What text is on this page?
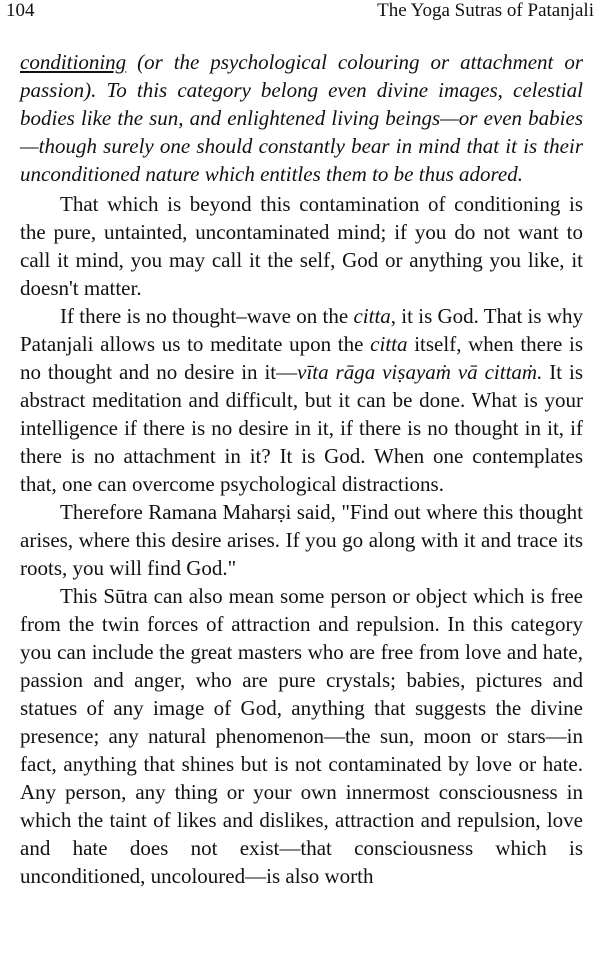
104	The Yoga Sutras of Patanjali

conditioning (or the psychological colouring or attachment or passion). To this category belong even divine images, celestial bodies like the sun, and enlightened living beings—or even babies—though surely one should constantly bear in mind that it is their unconditioned nature which entitles them to be thus adored.

That which is beyond this contamination of conditioning is the pure, untainted, uncontaminated mind; if you do not want to call it mind, you may call it the self, God or anything you like, it doesn't matter.

If there is no thought–wave on the citta, it is God. That is why Patanjali allows us to meditate upon the citta itself, when there is no thought and no desire in it—vīta rāga viṣayaṁ vā cittaṁ. It is abstract meditation and difficult, but it can be done. What is your intelligence if there is no desire in it, if there is no thought in it, if there is no attachment in it? It is God. When one contemplates that, one can overcome psychological distractions.

Therefore Ramana Maharṣi said, "Find out where this thought arises, where this desire arises. If you go along with it and trace its roots, you will find God."

This Sūtra can also mean some person or object which is free from the twin forces of attraction and repulsion. In this category you can include the great masters who are free from love and hate, passion and anger, who are pure crystals; babies, pictures and statues of any image of God, anything that suggests the divine presence; any natural phenomenon—the sun, moon or stars—in fact, anything that shines but is not contaminated by love or hate. Any person, any thing or your own innermost consciousness in which the taint of likes and dislikes, attraction and repulsion, love and hate does not exist—that consciousness which is unconditioned, uncoloured—is also worth
